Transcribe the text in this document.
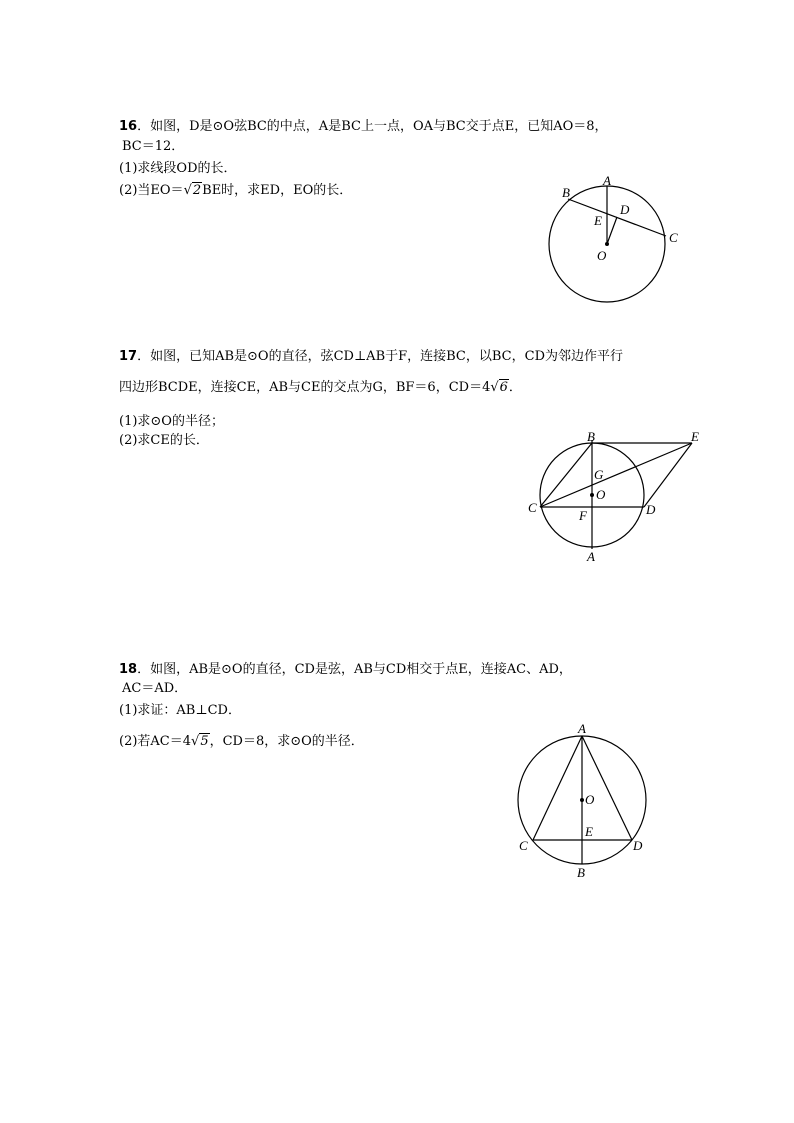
16．如图，D是⊙O弦BC的中点，A是BC上一点，OA与BC交于点E，已知AO＝8，
BC＝12．
(1)求线段OD的长．
(2)当EO＝√2BE时，求ED，EO的长．
A
B
C
D
E
O
17．如图，已知AB是⊙O的直径，弦CD⊥AB于F，连接BC，以BC，CD为邻边作平行
四边形BCDE，连接CE，AB与CE的交点为G，BF＝6，CD＝4√6．
(1)求⊙O的半径；
(2)求CE的长．	B	E
G
O
C	D
F
A
18．如图，AB是⊙O的直径，CD是弦，AB与CD相交于点E，连接AC、AD，
AC＝AD．
(1)求证：AB⊥CD．
(2)若AC＝4√5，CD＝8，求⊙O的半径．
A
O
E
C	D
B
